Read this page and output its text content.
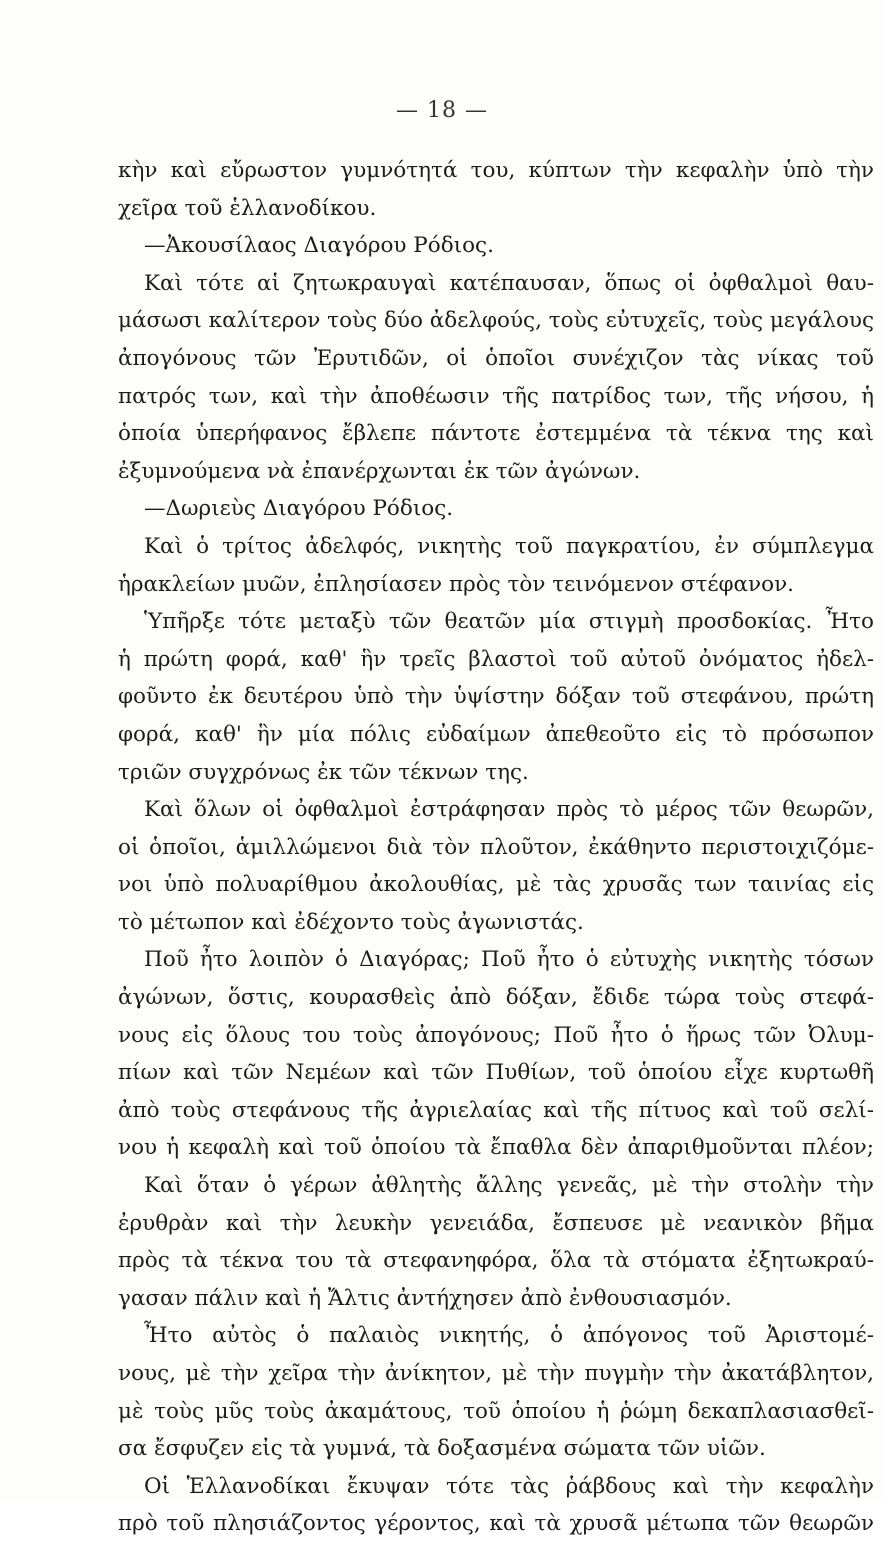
— 18 —
κὴν καὶ εὔρωστον γυμνότητά του, κύπτων τὴν κεφαλὴν ὑπὸ τὴν
χεῖρα τοῦ ἑλλανοδίκου.
—Ἀκουσίλαος Διαγόρου Ρόδιος.
Καὶ τότε αἱ ζητωκραυγαὶ κατέπαυσαν, ὅπως οἱ ὀφθαλμοὶ θαυ-
μάσωσι καλίτερον τοὺς δύο ἀδελφούς, τοὺς εὐτυχεῖς, τοὺς μεγάλους
ἀπογόνους τῶν Ἐρυτιδῶν, οἱ ὁποῖοι συνέχιζον τὰς νίκας τοῦ
πατρός των, καὶ τὴν ἀποθέωσιν τῆς πατρίδος των, τῆς νήσου, ἡ
ὁποία ὑπερήφανος ἔβλεπε πάντοτε ἐστεμμένα τὰ τέκνα της καὶ
ἐξυμνούμενα νὰ ἐπανέρχωνται ἐκ τῶν ἀγώνων.
—Δωριεὺς Διαγόρου Ρόδιος.
Καὶ ὁ τρίτος ἀδελφός, νικητὴς τοῦ παγκρατίου, ἐν σύμπλεγμα
ἡρακλείων μυῶν, ἐπλησίασεν πρὸς τὸν τεινόμενον στέφανον.
Ὑπῆρξε τότε μεταξὺ τῶν θεατῶν μία στιγμὴ προσδοκίας. Ἦτο
ἡ πρώτη φορά, καθ' ἣν τρεῖς βλαστοὶ τοῦ αὐτοῦ ὀνόματος ἠδελ-
φοῦντο ἐκ δευτέρου ὑπὸ τὴν ὑψίστην δόξαν τοῦ στεφάνου, πρώτη
φορά, καθ' ἣν μία πόλις εὐδαίμων ἀπεθεοῦτο εἰς τὸ πρόσωπον
τριῶν συγχρόνως ἐκ τῶν τέκνων της.
Καὶ ὅλων οἱ ὀφθαλμοὶ ἐστράφησαν πρὸς τὸ μέρος τῶν θεωρῶν,
οἱ ὁποῖοι, ἁμιλλώμενοι διὰ τὸν πλοῦτον, ἐκάθηντο περιστοιχιζόμε-
νοι ὑπὸ πολυαρίθμου ἀκολουθίας, μὲ τὰς χρυσᾶς των ταινίας εἰς
τὸ μέτωπον καὶ ἐδέχοντο τοὺς ἀγωνιστάς.
Ποῦ ἦτο λοιπὸν ὁ Διαγόρας; Ποῦ ἦτο ὁ εὐτυχὴς νικητὴς τόσων
ἀγώνων, ὅστις, κουρασθεὶς ἀπὸ δόξαν, ἔδιδε τώρα τοὺς στεφά-
νους εἰς ὅλους του τοὺς ἀπογόνους; Ποῦ ἦτο ὁ ἥρως τῶν Ὀλυμ-
πίων καὶ τῶν Νεμέων καὶ τῶν Πυθίων, τοῦ ὁποίου εἶχε κυρτωθῆ
ἀπὸ τοὺς στεφάνους τῆς ἀγριελαίας καὶ τῆς πίτυος καὶ τοῦ σελί-
νου ἡ κεφαλὴ καὶ τοῦ ὁποίου τὰ ἔπαθλα δὲν ἀπαριθμοῦνται πλέον;
Καὶ ὅταν ὁ γέρων ἀθλητὴς ἄλλης γενεᾶς, μὲ τὴν στολὴν τὴν
ἐρυθρὰν καὶ τὴν λευκὴν γενειάδα, ἔσπευσε μὲ νεανικὸν βῆμα
πρὸς τὰ τέκνα του τὰ στεφανηφόρα, ὅλα τὰ στόματα ἐξητωκραύ-
γασαν πάλιν καὶ ἡ Ἄλτις ἀντήχησεν ἀπὸ ἐνθουσιασμόν.
Ἦτο αὐτὸς ὁ παλαιὸς νικητής, ὁ ἀπόγονος τοῦ Ἀριστομέ-
νους, μὲ τὴν χεῖρα τὴν ἀνίκητον, μὲ τὴν πυγμὴν τὴν ἀκατάβλητον,
μὲ τοὺς μῦς τοὺς ἀκαμάτους, τοῦ ὁποίου ἡ ῥώμη δεκαπλασιασθεῖ-
σα ἔσφυζεν εἰς τὰ γυμνά, τὰ δοξασμένα σώματα τῶν υἱῶν.
Οἱ Ἑλλανοδίκαι ἔκυψαν τότε τὰς ῥάβδους καὶ τὴν κεφαλὴν
πρὸ τοῦ πλησιάζοντος γέροντος, καὶ τὰ χρυσᾶ μέτωπα τῶν θεωρῶν
